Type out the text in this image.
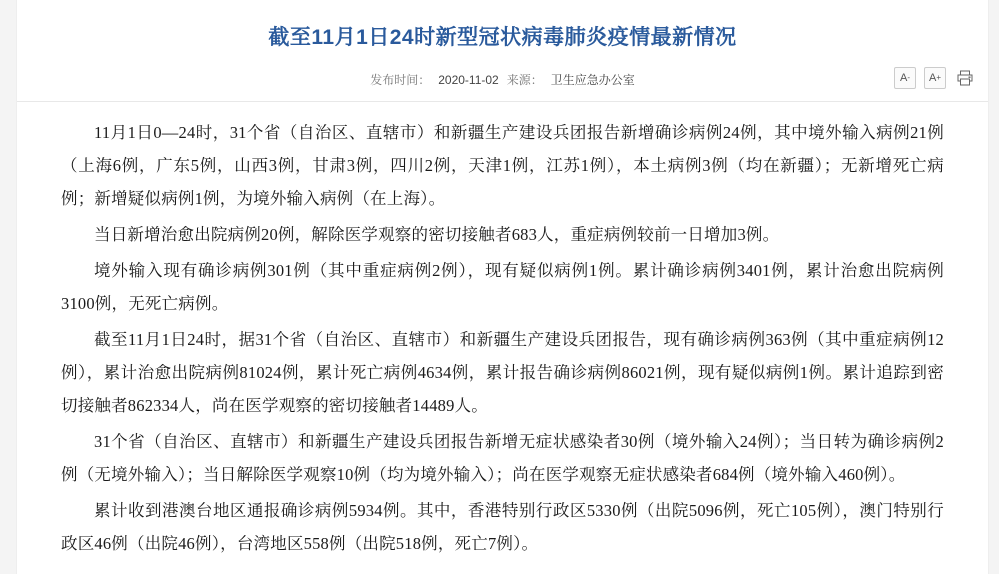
截至11月1日24时新型冠状病毒肺炎疫情最新情况
发布时间： 2020-11-02 来源： 卫生应急办公室	A - A +

11月1日0—24时，31个省（自治区、直辖市）和新疆生产建设兵团报告新增确诊病例24例，其中境外输入病例21例（上海6例，广东5例，山西3例，甘肃3例，四川2例，天津1例，江苏1例），本土病例3例（均在新疆）；无新增死亡病例；新增疑似病例1例，为境外输入病例（在上海）。

当日新增治愈出院病例20例，解除医学观察的密切接触者683人，重症病例较前一日增加3例。

境外输入现有确诊病例301例（其中重症病例2例），现有疑似病例1例。累计确诊病例3401例，累计治愈出院病例3100例，无死亡病例。

截至11月1日24时，据31个省（自治区、直辖市）和新疆生产建设兵团报告，现有确诊病例363例（其中重症病例12例），累计治愈出院病例81024例，累计死亡病例4634例，累计报告确诊病例86021例，现有疑似病例1例。累计追踪到密切接触者862334人，尚在医学观察的密切接触者14489人。

31个省（自治区、直辖市）和新疆生产建设兵团报告新增无症状感染者30例（境外输入24例）；当日转为确诊病例2例（无境外输入）；当日解除医学观察10例（均为境外输入）；尚在医学观察无症状感染者684例（境外输入460例）。

累计收到港澳台地区通报确诊病例5934例。其中，香港特别行政区5330例（出院5096例，死亡105例），澳门特别行政区46例（出院46例），台湾地区558例（出院518例，死亡7例）。
